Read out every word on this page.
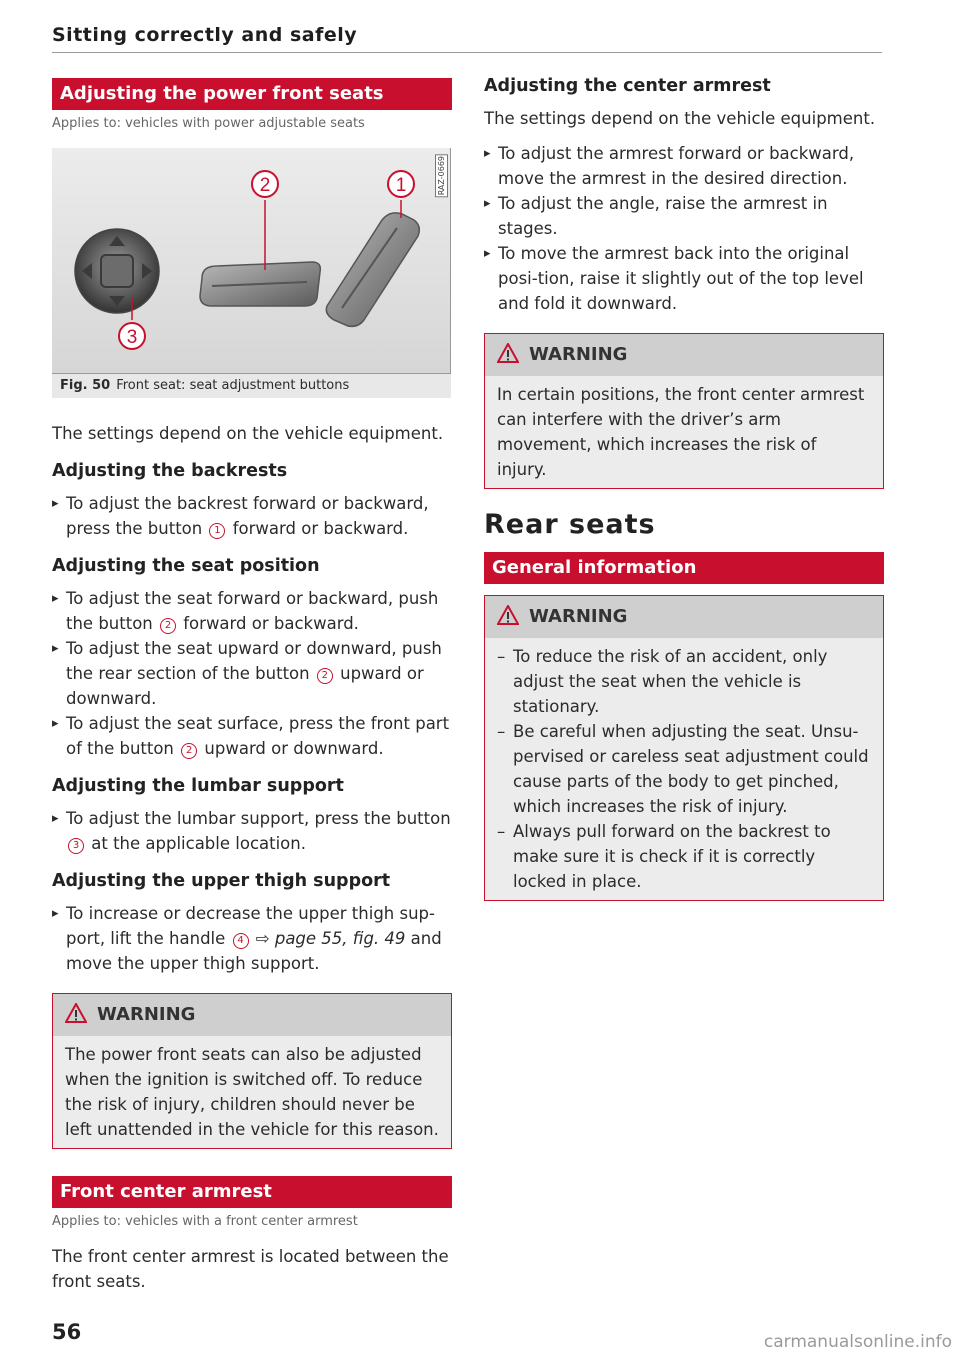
Sitting correctly and safely
Adjusting the power front seats
Applies to: vehicles with power adjustable seats
2	1
3
RAZ-0669
Fig. 50 Front seat: seat adjustment buttons

The settings depend on the vehicle equipment.

Adjusting the backrests
▸ To adjust the backrest forward or backward, press the button 1 forward or backward.
Adjusting the seat position
▸ To adjust the seat forward or backward, push the button 2 forward or backward.
▸ To adjust the seat upward or downward, push the rear section of the button 2 upward or downward.
▸ To adjust the seat surface, press the front part of the button 2 upward or downward.
Adjusting the lumbar support
▸ To adjust the lumbar support, press the button 3 at the applicable location.
Adjusting the upper thigh support
▸ To increase or decrease the upper thigh sup-port, lift the handle 4 ⇨ page 55, fig. 49 and move the upper thigh support.
WARNING
The power front seats can also be adjusted when the ignition is switched off. To reduce the risk of injury, children should never be left unattended in the vehicle for this reason.
Front center armrest
Applies to: vehicles with a front center armrest

The front center armrest is located between the front seats.

Adjusting the center armrest

The settings depend on the vehicle equipment.

▸ To adjust the armrest forward or backward, move the armrest in the desired direction.
▸ To adjust the angle, raise the armrest in stages.
▸ To move the armrest back into the original posi-tion, raise it slightly out of the top level and fold it downward.
WARNING
In certain positions, the front center armrest can interfere with the driver’s arm movement, which increases the risk of injury.
Rear seats
General information
WARNING
– To reduce the risk of an accident, only adjust the seat when the vehicle is stationary.
– Be careful when adjusting the seat. Unsu-pervised or careless seat adjustment could cause parts of the body to get pinched, which increases the risk of injury.
– Always pull forward on the backrest to make sure it is check if it is correctly locked in place.
56	carmanualsonline.info
